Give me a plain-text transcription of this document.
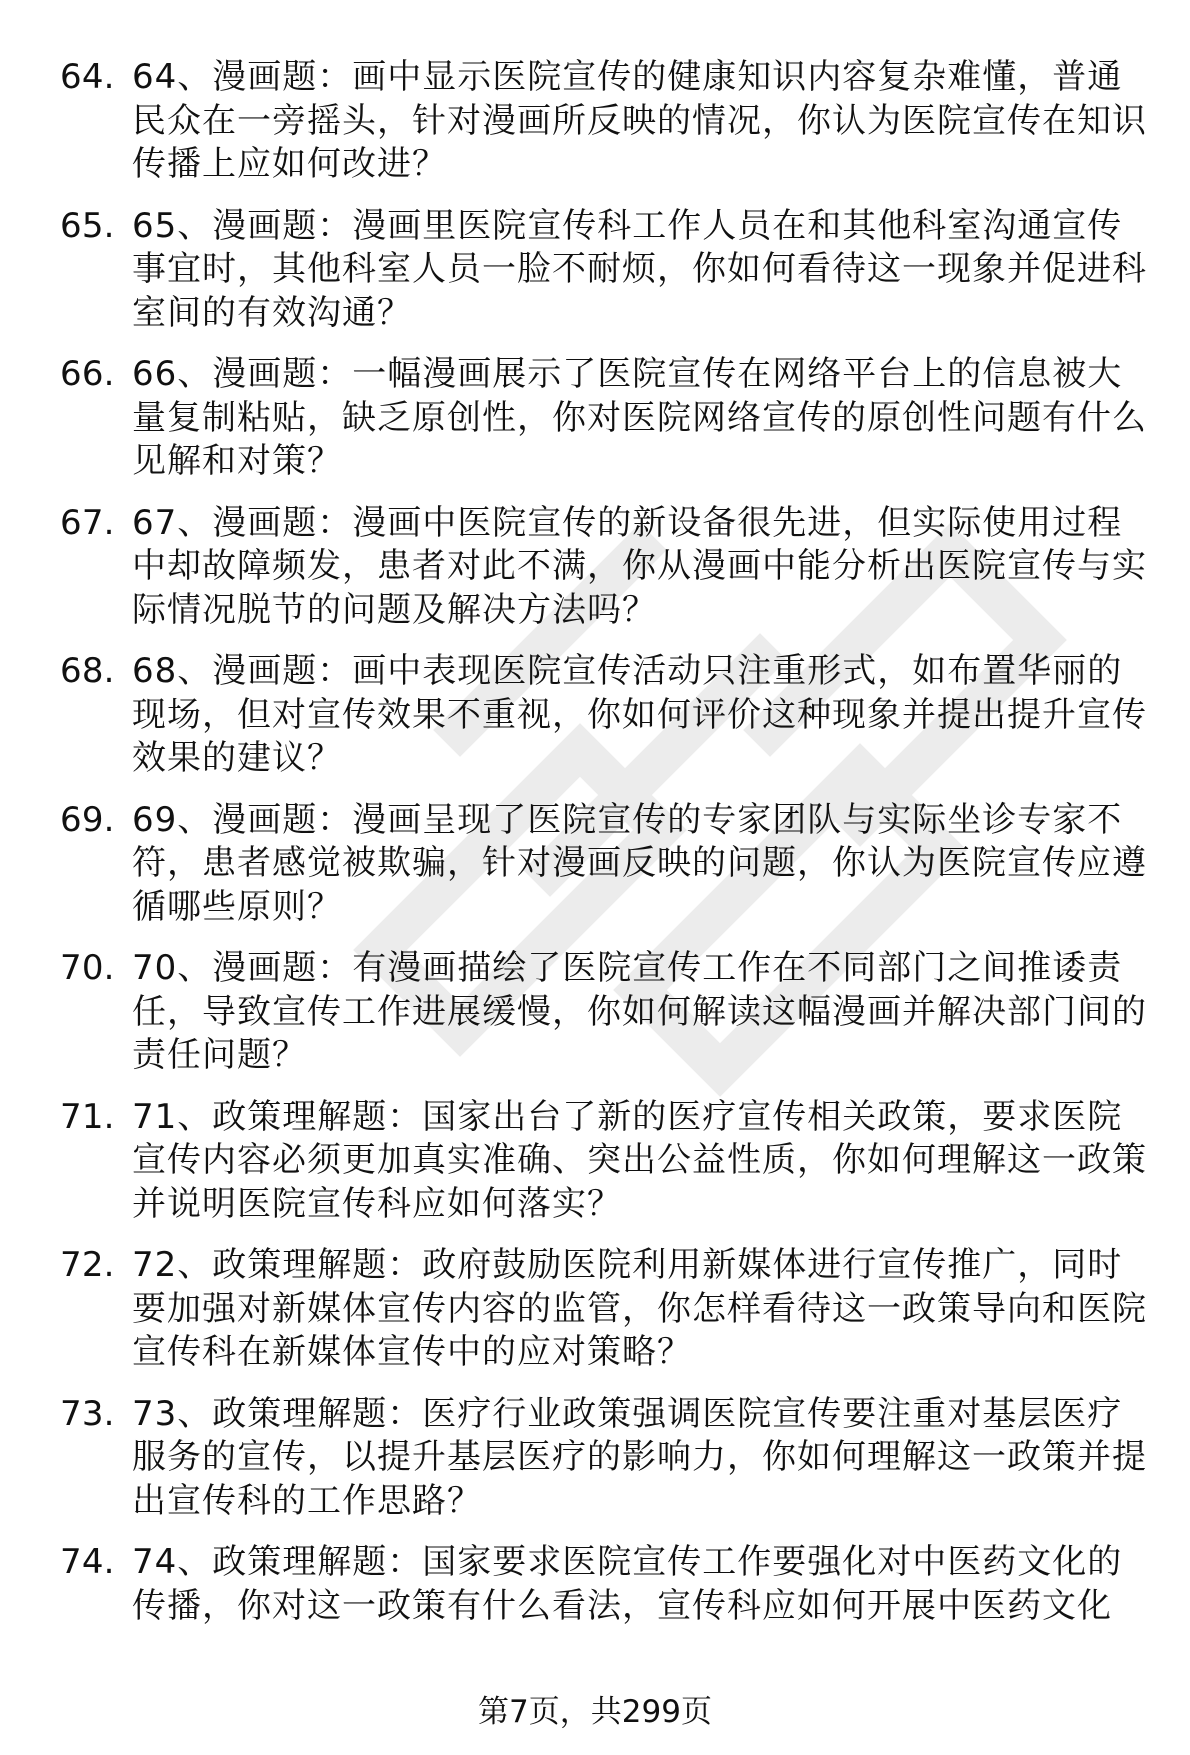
64. 64、漫画题：画中显示医院宣传的健康知识内容复杂难懂，普通民众在一旁摇头，针对漫画所反映的情况，你认为医院宣传在知识传播上应如何改进？
65. 65、漫画题：漫画里医院宣传科工作人员在和其他科室沟通宣传事宜时，其他科室人员一脸不耐烦，你如何看待这一现象并促进科室间的有效沟通？
66. 66、漫画题：一幅漫画展示了医院宣传在网络平台上的信息被大量复制粘贴，缺乏原创性，你对医院网络宣传的原创性问题有什么见解和对策？
67. 67、漫画题：漫画中医院宣传的新设备很先进，但实际使用过程中却故障频发，患者对此不满，你从漫画中能分析出医院宣传与实际情况脱节的问题及解决方法吗？
68. 68、漫画题：画中表现医院宣传活动只注重形式，如布置华丽的现场，但对宣传效果不重视，你如何评价这种现象并提出提升宣传效果的建议？
69. 69、漫画题：漫画呈现了医院宣传的专家团队与实际坐诊专家不符，患者感觉被欺骗，针对漫画反映的问题，你认为医院宣传应遵循哪些原则？
70. 70、漫画题：有漫画描绘了医院宣传工作在不同部门之间推诿责任，导致宣传工作进展缓慢，你如何解读这幅漫画并解决部门间的责任问题？
71. 71、政策理解题：国家出台了新的医疗宣传相关政策，要求医院宣传内容必须更加真实准确、突出公益性质，你如何理解这一政策并说明医院宣传科应如何落实？
72. 72、政策理解题：政府鼓励医院利用新媒体进行宣传推广，同时要加强对新媒体宣传内容的监管，你怎样看待这一政策导向和医院宣传科在新媒体宣传中的应对策略？
73. 73、政策理解题：医疗行业政策强调医院宣传要注重对基层医疗服务的宣传，以提升基层医疗的影响力，你如何理解这一政策并提出宣传科的工作思路？
74. 74、政策理解题：国家要求医院宣传工作要强化对中医药文化的传播，你对这一政策有什么看法，宣传科应如何开展中医药文化
第7页，共299页
